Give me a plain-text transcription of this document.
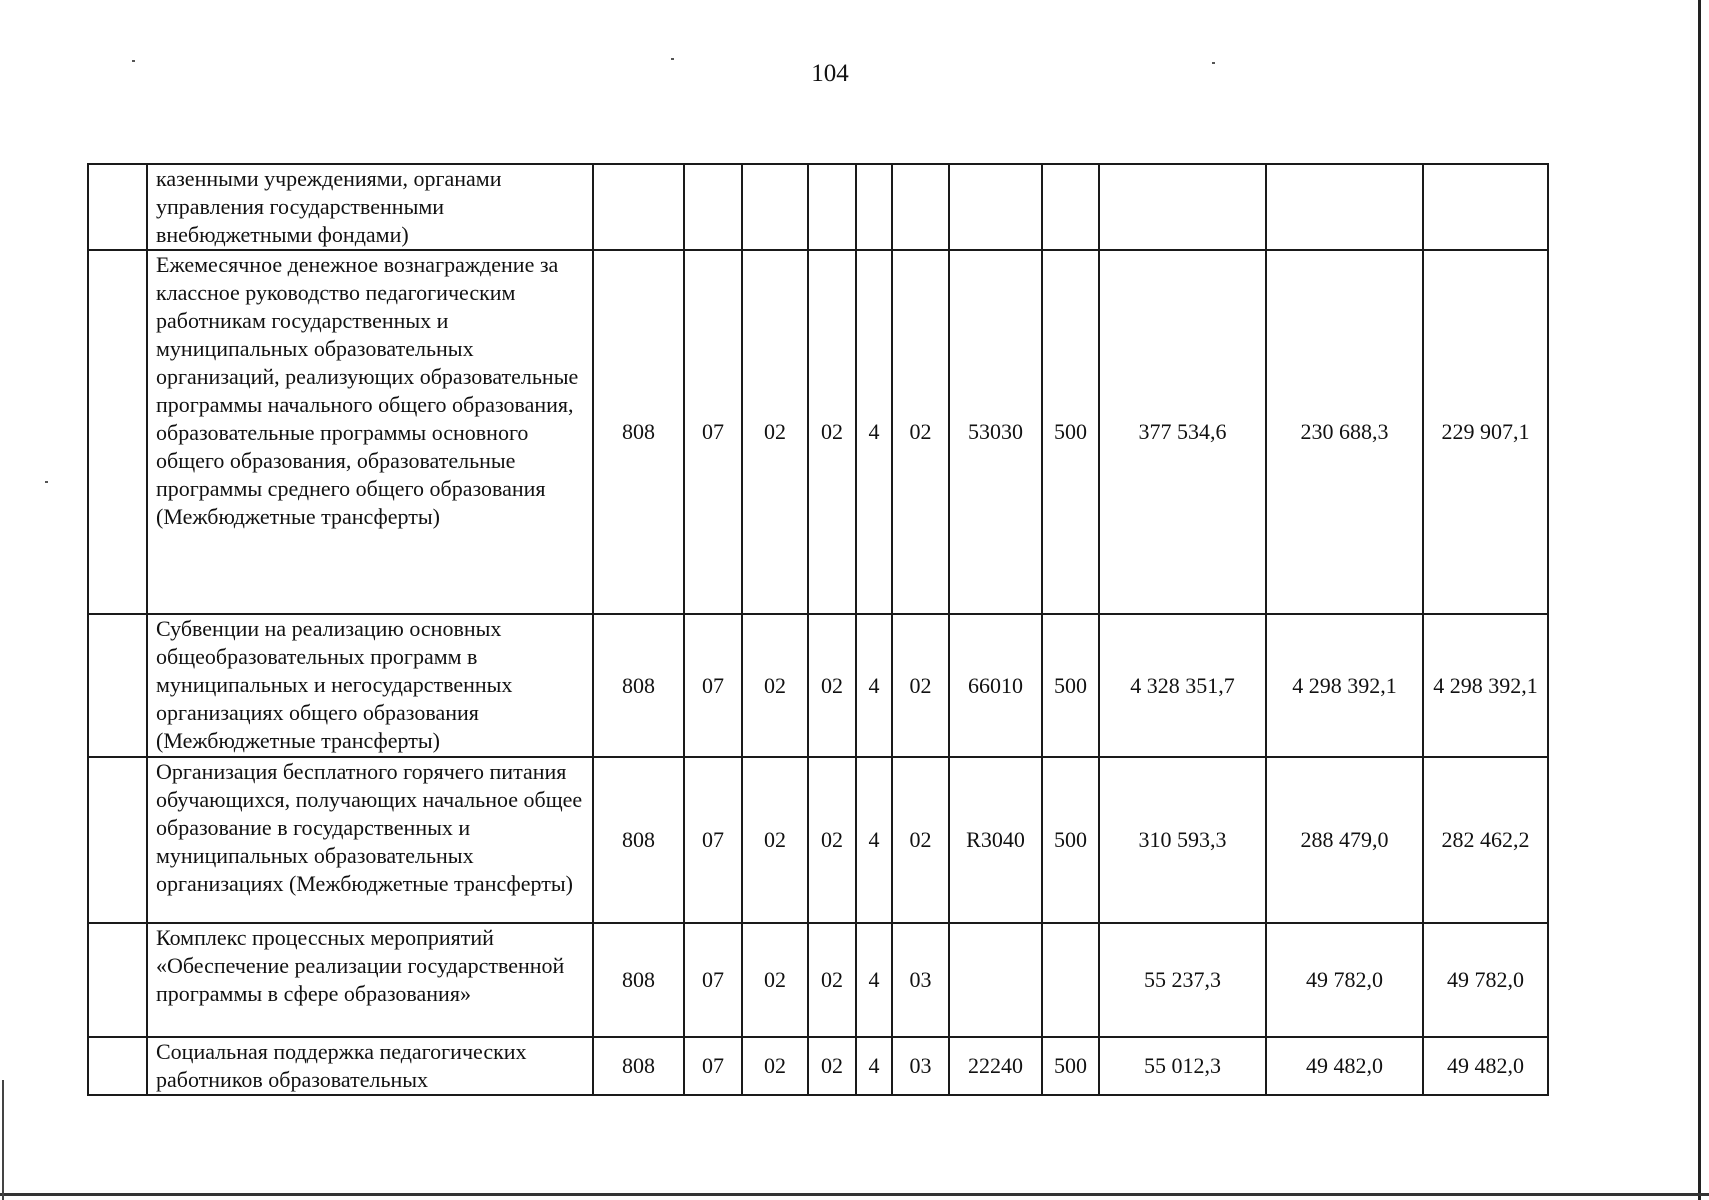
104
	казенными учреждениями, органами управления государственными внебюджетными фондами)											
	Ежемесячное денежное вознаграждение за классное руководство педагогическим работникам государственных и муниципальных образовательных организаций, реализующих образовательные программы начального общего образования, образовательные программы основного общего образования, образовательные программы среднего общего образования (Межбюджетные трансферты)	808	07	02	02	4	02	53030	500	377 534,6	230 688,3	229 907,1
	Субвенции на реализацию основных общеобразовательных программ в муниципальных и негосударственных организациях общего образования (Межбюджетные трансферты)	808	07	02	02	4	02	66010	500	4 328 351,7	4 298 392,1	4 298 392,1
	Организация бесплатного горячего питания обучающихся, получающих начальное общее образование в государственных и муниципальных образовательных организациях (Межбюджетные трансферты)	808	07	02	02	4	02	R3040	500	310 593,3	288 479,0	282 462,2
	Комплекс процессных мероприятий «Обеспечение реализации государственной программы в сфере образования»	808	07	02	02	4	03			55 237,3	49 782,0	49 782,0
	Социальная поддержка педагогических работников образовательных	808	07	02	02	4	03	22240	500	55 012,3	49 482,0	49 482,0
